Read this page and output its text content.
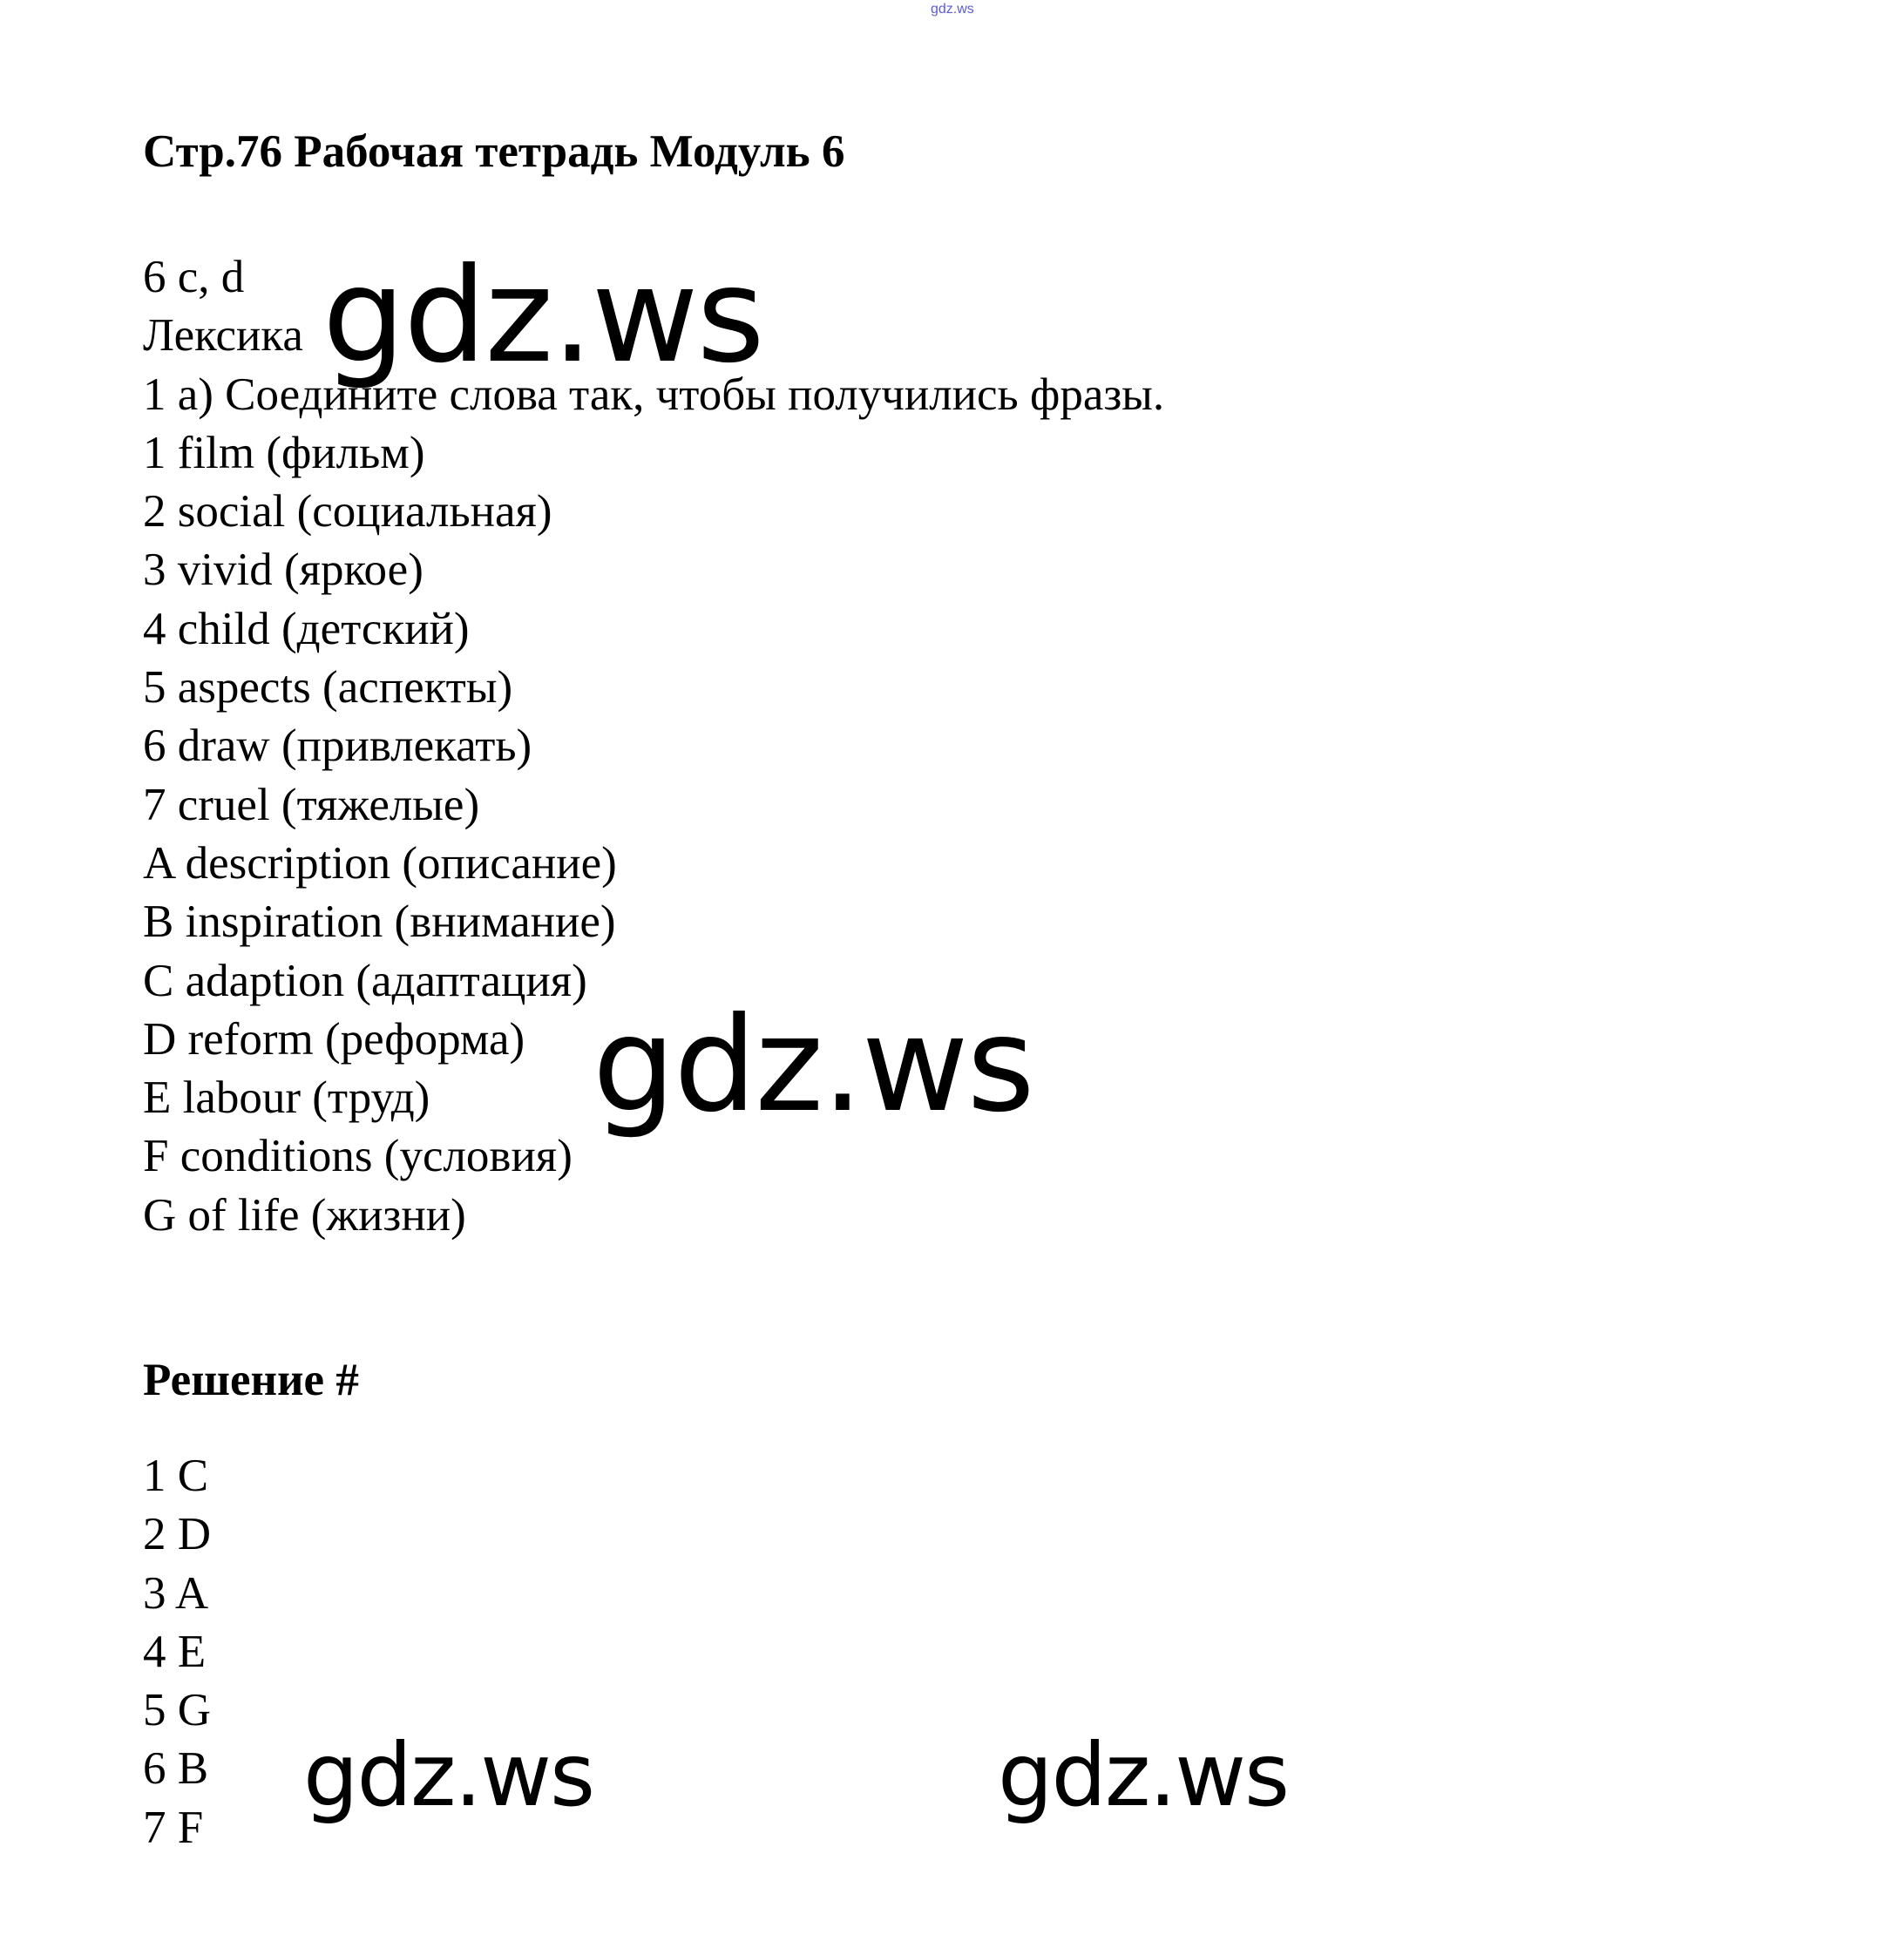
gdz.ws
Стр.76 Рабочая тетрадь Модуль 6
6 c, d
Лексика
1 a) Соедините слова так, чтобы получились фразы.
1 film (фильм)
2 social (социальная)
3 vivid (яркое)
4 child (детский)
5 aspects (аспекты)
6 draw (привлекать)
7 cruel (тяжелые)
A description (описание)
B inspiration (внимание)
C adaption (адаптация)
D reform (реформа)
E labour (труд)
F conditions (условия)
G of life (жизни)
Решение #
1 C
2 D
3 A
4 E
5 G
6 B
7 F
gdz.ws
gdz.ws
gdz.ws	gdz.ws
